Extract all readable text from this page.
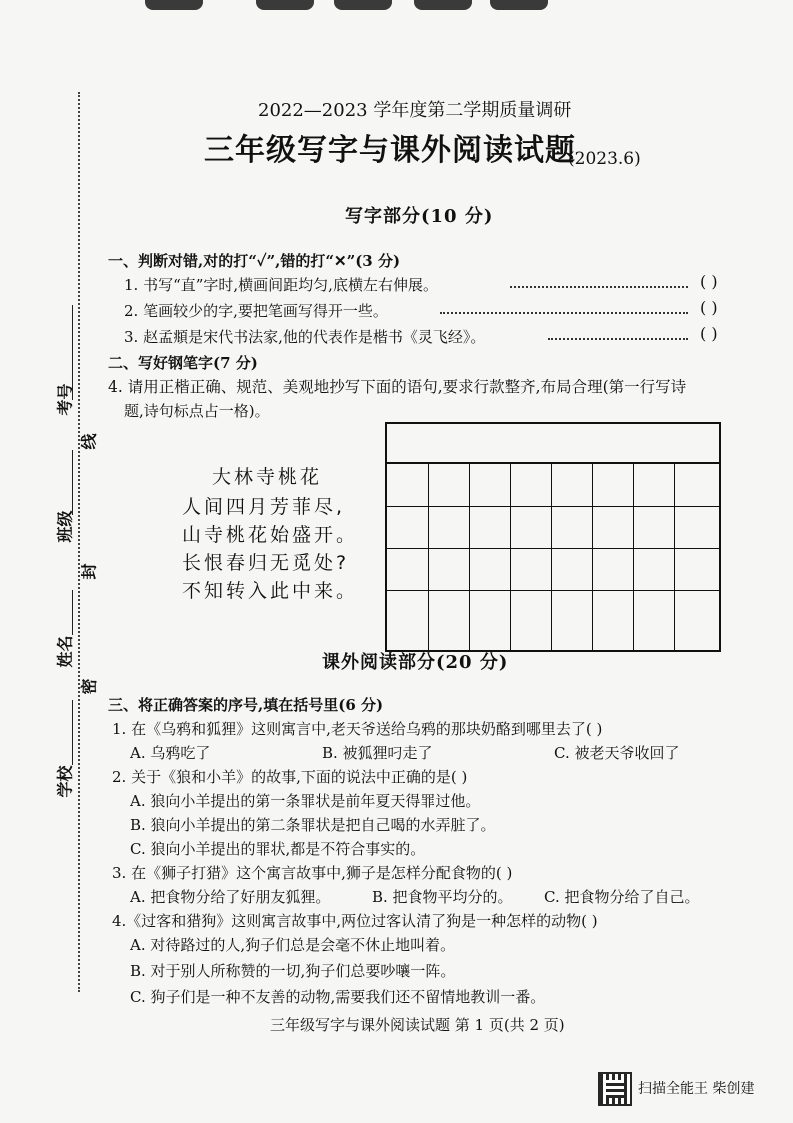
考号
线
班级
封
姓名
密
学校
2022—2023 学年度第二学期质量调研
三年级写字与课外阅读试题
(2023.6)
写字部分(10 分)
一、判断对错,对的打“✓”,错的打“✕”(3 分)
1. 书写“直”字时,横画间距均匀,底横左右伸展。	( )
2. 笔画较少的字,要把笔画写得开一些。	( )
3. 赵孟頫是宋代书法家,他的代表作是楷书《灵飞经》。	( )
二、写好钢笔字(7 分)
4. 请用正楷正确、规范、美观地抄写下面的语句,要求行款整齐,布局合理(第一行写诗
题,诗句标点占一格)。
大林寺桃花
人间四月芳菲尽,
山寺桃花始盛开。
长恨春归无觅处?
不知转入此中来。
课外阅读部分(20 分)
三、将正确答案的序号,填在括号里(6 分)
1. 在《乌鸦和狐狸》这则寓言中,老天爷送给乌鸦的那块奶酪到哪里去了( )
A. 乌鸦吃了	B. 被狐狸叼走了	C. 被老天爷收回了
2. 关于《狼和小羊》的故事,下面的说法中正确的是( )
A. 狼向小羊提出的第一条罪状是前年夏天得罪过他。
B. 狼向小羊提出的第二条罪状是把自己喝的水弄脏了。
C. 狼向小羊提出的罪状,都是不符合事实的。
3. 在《狮子打猎》这个寓言故事中,狮子是怎样分配食物的( )
A. 把食物分给了好朋友狐狸。	B. 把食物平均分的。 C. 把食物分给了自己。
4.《过客和猎狗》这则寓言故事中,两位过客认清了狗是一种怎样的动物( )
A. 对待路过的人,狗子们总是会毫不休止地叫着。
B. 对于别人所称赞的一切,狗子们总要吵嚷一阵。
C. 狗子们是一种不友善的动物,需要我们还不留情地教训一番。
三年级写字与课外阅读试题 第 1 页(共 2 页)
扫描全能王 柴创建
